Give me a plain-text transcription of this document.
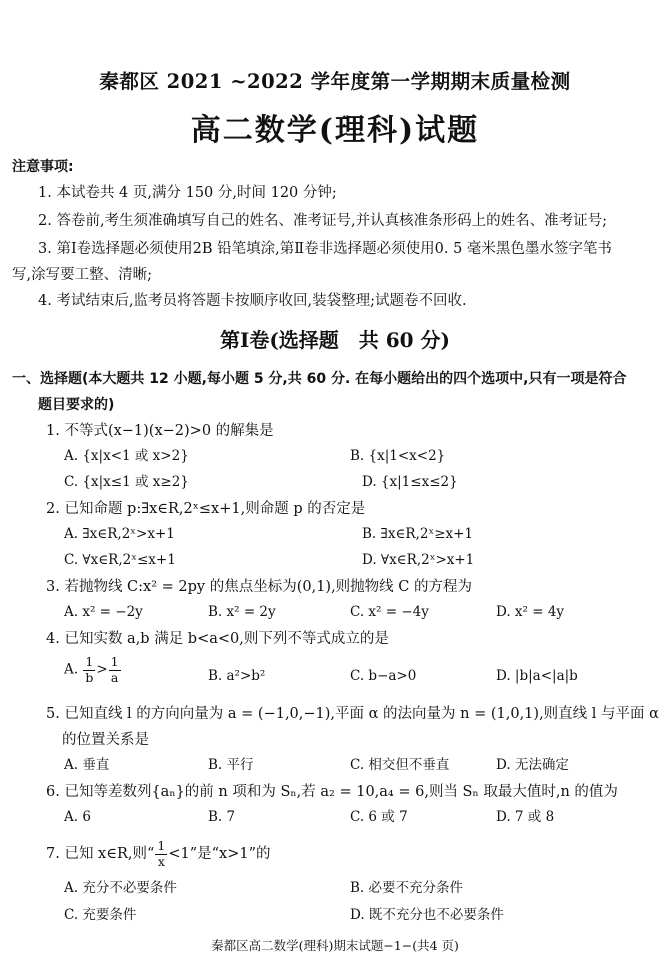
秦都区 2021 ~2022 学年度第一学期期末质量检测
高二数学(理科)试题
注意事项:
1. 本试卷共 4 页,满分 150 分,时间 120 分钟;
2. 答卷前,考生须准确填写自己的姓名、准考证号,并认真核准条形码上的姓名、准考证号;
3. 第Ⅰ卷选择题必须使用2B 铅笔填涂,第Ⅱ卷非选择题必须使用0. 5 毫米黑色墨水签字笔书
写,涂写要工整、清晰;
4. 考试结束后,监考员将答题卡按顺序收回,装袋整理;试题卷不回收.
第Ⅰ卷(选择题　共 60 分)
一、选择题(本大题共 12 小题,每小题 5 分,共 60 分. 在每小题给出的四个选项中,只有一项是符合
题目要求的)
1. 不等式(x−1)(x−2)>0 的解集是
A. {x|x<1 或 x>2}	B. {x|1<x<2}
C. {x|x≤1 或 x≥2}	D. {x|1≤x≤2}
2. 已知命题 p:∃x∈R,2ˣ≤x+1,则命题 p 的否定是
A. ∃x∈R,2ˣ>x+1	B. ∃x∈R,2ˣ≥x+1
C. ∀x∈R,2ˣ≤x+1	D. ∀x∈R,2ˣ>x+1
3. 若抛物线 C:x² = 2py 的焦点坐标为(0,1),则抛物线 C 的方程为
A. x² = −2y	B. x² = 2y	C. x² = −4y	D. x² = 4y
4. 已知实数 a,b 满足 b<a<0,则下列不等式成立的是
A. $\frac{1}{b} > \frac{1}{a}$	B. a²>b²	C. b−a>0	D. |b|a<|a|b
5. 已知直线 l 的方向向量为 a = (−1,0,−1),平面 α 的法向量为 n = (1,0,1),则直线 l 与平面 α
的位置关系是
A. 垂直	B. 平行	C. 相交但不垂直	D. 无法确定
6. 已知等差数列{aₙ}的前 n 项和为 Sₙ,若 a₂ = 10,a₄ = 6,则当 Sₙ 取最大值时,n 的值为
A. 6	B. 7	C. 6 或 7	D. 7 或 8
7. 已知 x∈R,则“ $\frac{1}{x} <1$”是“x>1”的
A. 充分不必要条件	B. 必要不充分条件
C. 充要条件	D. 既不充分也不必要条件
秦都区高二数学(理科)期末试题−1−(共4 页)
